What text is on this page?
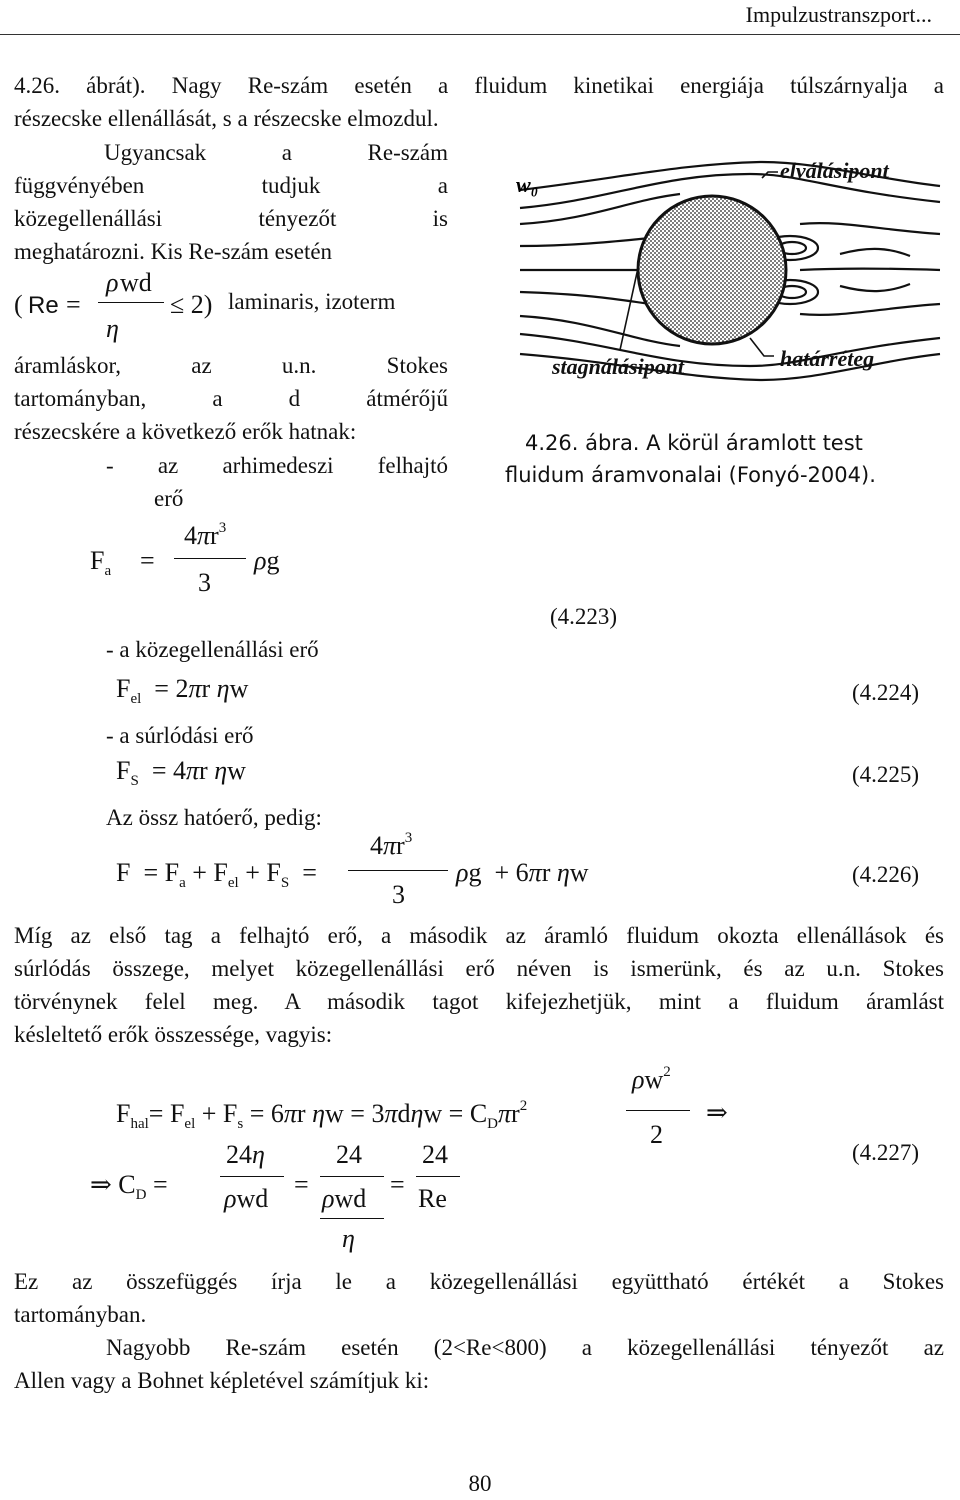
Impulzustranszport...
4.26. ábrát). Nagy Re-szám esetén a fluidum kinetikai energiája túlszárnyalja a
részecske ellenállását, s a részecske elmozdul.
Ugyancsak a Re-szám
függvényében tudjuk a
közegellenállási tényezőt is
meghatározni. Kis Re-szám esetén
( Re =
ρ wd
η
≤ 2) laminaris, izoterm
áramláskor, az u.n. Stokes
tartományban, a d átmérőjű
részecskére a következő erők hatnak:
- az arhimedeszi felhajtó
erő
w₀
elválásipont
stagnálásipont	határréteg
4.26. ábra. A körül áramlott test
fluidum áramvonalai (Fonyó-2004).
$F_a$ =
$4\pi r^3$
3
ρg
(4.223)
- a közegellenállási erő
$F_{el} = 2\pi r$ ηw	(4.224)
- a súrlódási erő
$F_S = 4\pi r$ ηw	(4.225)
Az össz hatóerő, pedig:
$F = F_a + F_{el} + F_S$  =
$4\pi r^3$
3
ρg  + 6πr ηw	(4.226)
Míg az első tag a felhajtó erő, a második az áramló fluidum okozta ellenállások és
súrlódás összege, melyet közegellenállási erő néven is ismerünk, és az u.n. Stokes
törvénynek felel meg. A második tagot kifejezhetjük, mint a fluidum áramlást
késleltető erők összessége, vagyis:
$F_{hal}= F_{el} + F_s = 6\pi r$ $\eta w = 3\pi d\eta w = C_D\pi r^2$
$\rho w^2$
2
⇒
⇒ $C_D$ =
24η
ρwd =
24
ρwd
η
=
24
Re
(4.227)
Ez az összefüggés írja le a közegellenállási együttható értékét a Stokes
tartományban.
Nagyobb Re-szám esetén (2<Re<800) a közegellenállási tényezőt az
Allen vagy a Bohnet képletével számítjuk ki:
80
